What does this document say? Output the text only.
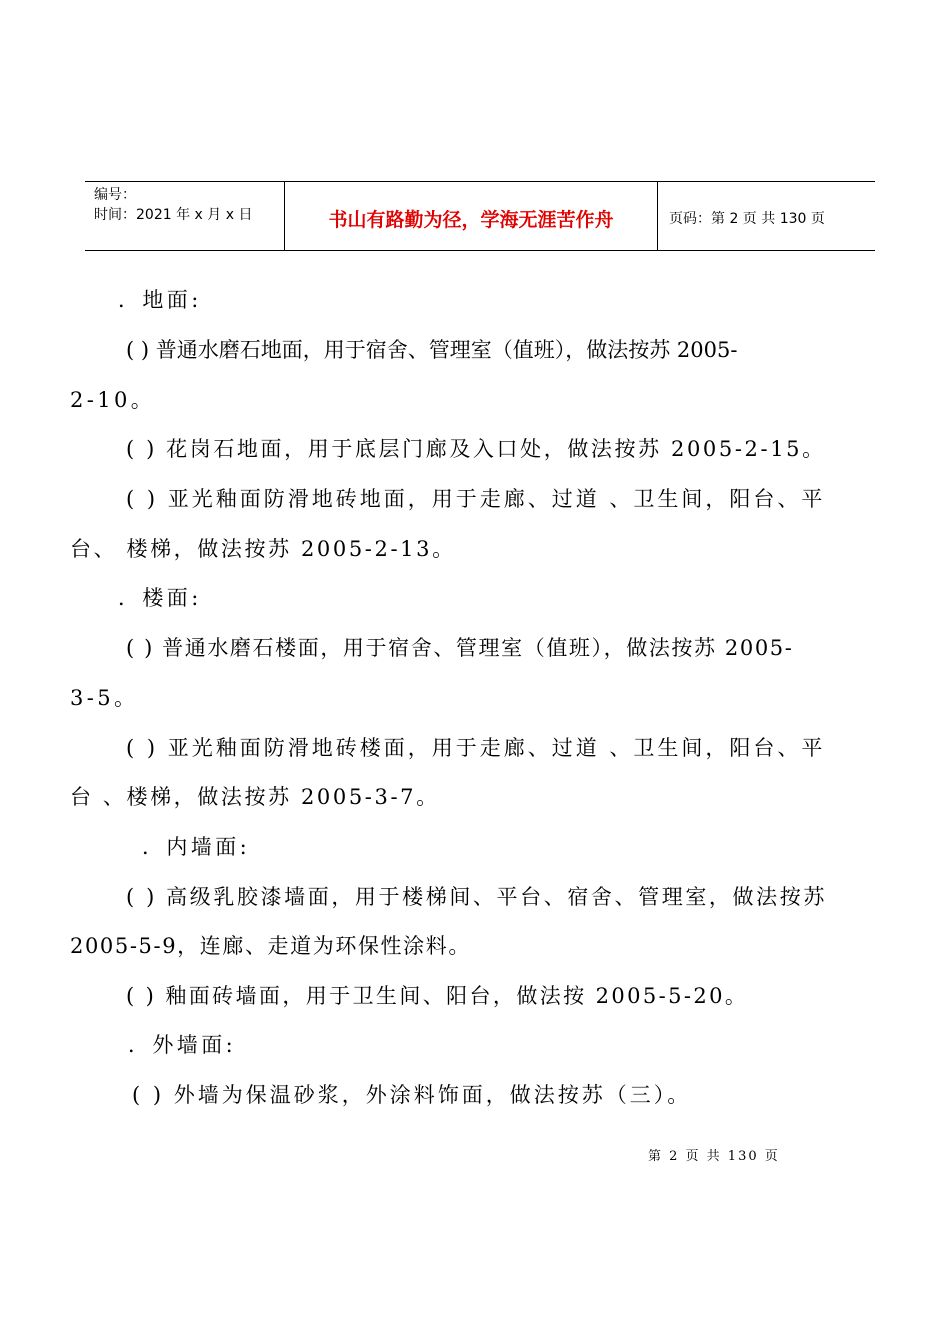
编号：
时间：2021 年 x 月 x 日	书山有路勤为径，学海无涯苦作舟	页码：第 2 页 共 130 页
．地面:
( ) 普通水磨石地面，用于宿舍、管理室（值班），做法按苏 2005-
2-10。
( ) 花岗石地面，用于底层门廊及入口处，做法按苏 2005-2-15。
( ) 亚光釉面防滑地砖地面，用于走廊、过道 、卫生间，阳台、平
台、 楼梯，做法按苏 2005-2-13。
．楼面:
( ) 普通水磨石楼面，用于宿舍、管理室（值班），做法按苏 2005-
3-5。
( ) 亚光釉面防滑地砖楼面，用于走廊、过道 、卫生间，阳台、平
台 、楼梯，做法按苏 2005-3-7。
．内墙面:
( ) 高级乳胶漆墙面，用于楼梯间、平台、宿舍、管理室，做法按苏
2005-5-9，连廊、走道为环保性涂料。
( ) 釉面砖墙面，用于卫生间、阳台，做法按 2005-5-20。
．外墙面:
( ) 外墙为保温砂浆，外涂料饰面，做法按苏（三）。
第 2 页 共 130 页
